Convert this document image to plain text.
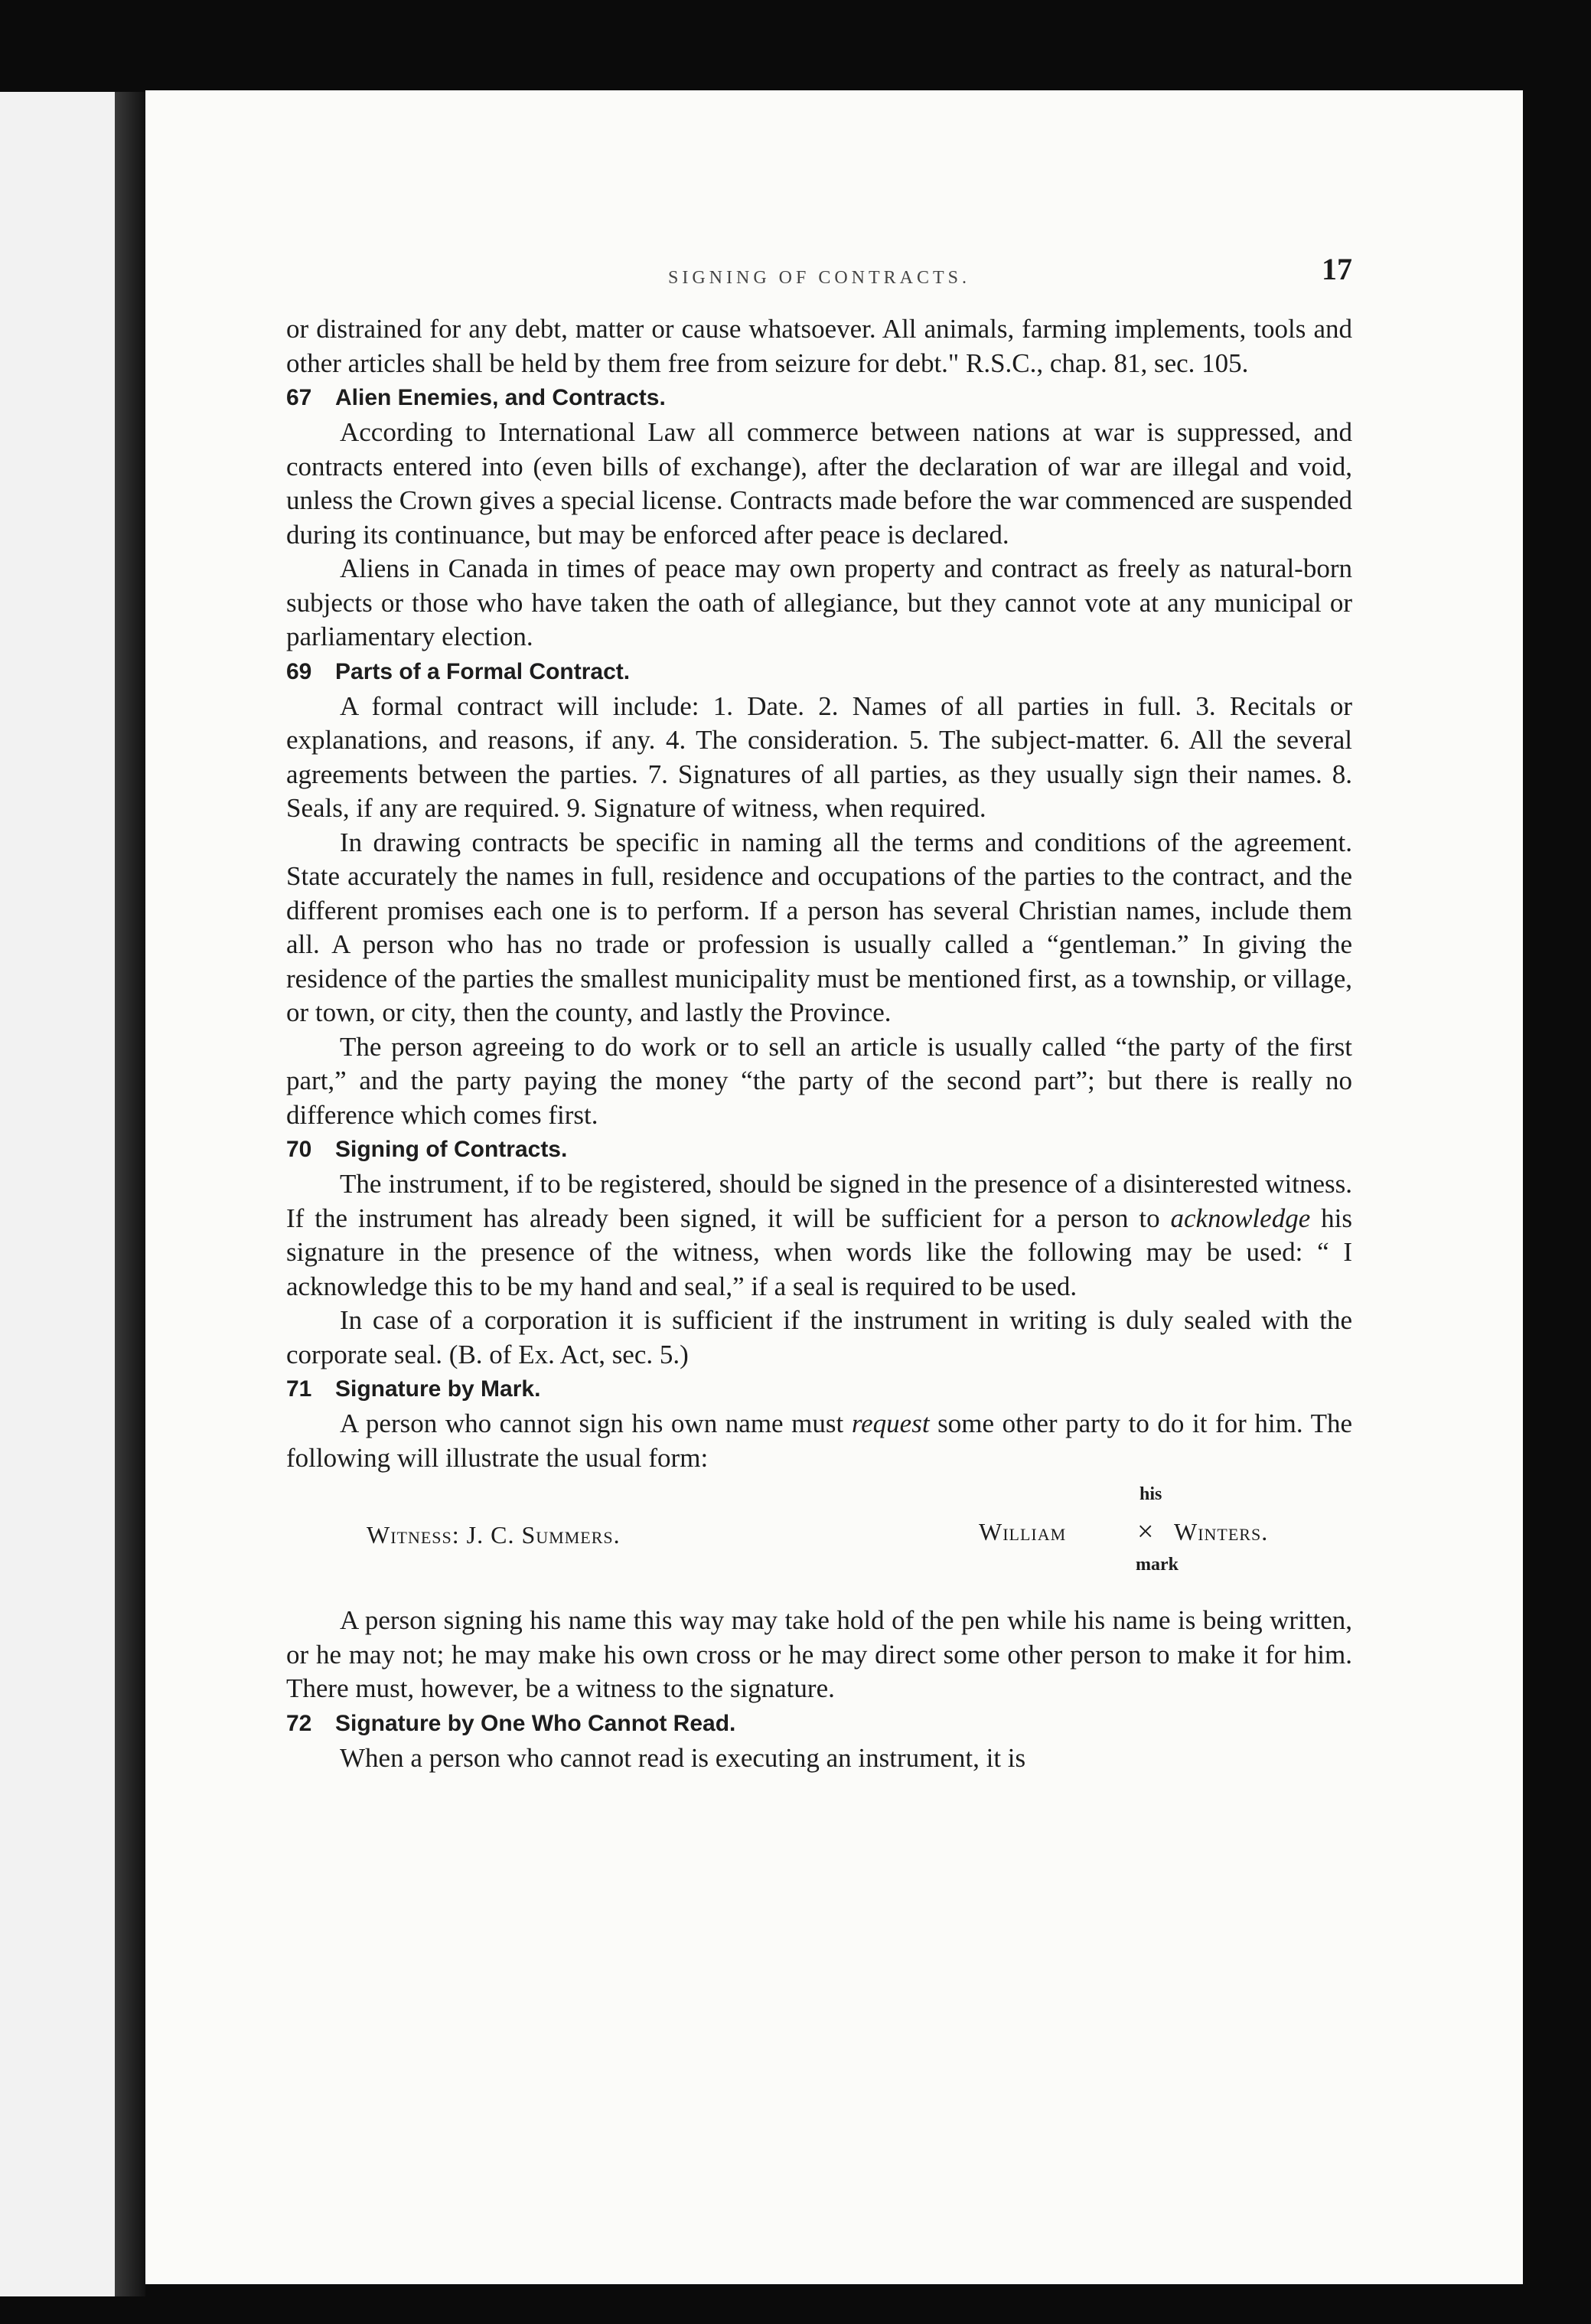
SIGNING OF CONTRACTS.	17

or distrained for any debt, matter or cause whatsoever. All animals, farming implements, tools and other articles shall be held by them free from seizure for debt." R.S.C., chap. 81, sec. 105.

67 Alien Enemies, and Contracts.

According to International Law all commerce between nations at war is suppressed, and contracts entered into (even bills of exchange), after the declaration of war are illegal and void, unless the Crown gives a special license. Contracts made before the war commenced are suspended during its continuance, but may be enforced after peace is declared.

Aliens in Canada in times of peace may own property and contract as freely as natural-born subjects or those who have taken the oath of allegiance, but they cannot vote at any municipal or parliamentary election.

69 Parts of a Formal Contract.

A formal contract will include: 1. Date. 2. Names of all parties in full. 3. Recitals or explanations, and reasons, if any. 4. The consideration. 5. The subject-matter. 6. All the several agreements between the parties. 7. Signatures of all parties, as they usually sign their names. 8. Seals, if any are required. 9. Signature of witness, when required.

In drawing contracts be specific in naming all the terms and conditions of the agreement. State accurately the names in full, residence and occupations of the parties to the contract, and the different promises each one is to perform. If a person has several Christian names, include them all. A person who has no trade or profession is usually called a “gentleman.” In giving the residence of the parties the smallest municipality must be mentioned first, as a township, or village, or town, or city, then the county, and lastly the Province.

The person agreeing to do work or to sell an article is usually called “the party of the first part,” and the party paying the money “the party of the second part”; but there is really no difference which comes first.

70 Signing of Contracts.

The instrument, if to be registered, should be signed in the presence of a disinterested witness. If the instrument has already been signed, it will be sufficient for a person to acknowledge his signature in the presence of the witness, when words like the following may be used: “ I acknowledge this to be my hand and seal,” if a seal is required to be used.

In case of a corporation it is sufficient if the instrument in writing is duly sealed with the corporate seal. (B. of Ex. Act, sec. 5.)

71 Signature by Mark.

A person who cannot sign his own name must request some other party to do it for him. The following will illustrate the usual form:

Witness: J. C. Summers.
his
William × Winters.
mark

A person signing his name this way may take hold of the pen while his name is being written, or he may not; he may make his own cross or he may direct some other person to make it for him. There must, however, be a witness to the signature.

72 Signature by One Who Cannot Read.

When a person who cannot read is executing an instrument, it is
